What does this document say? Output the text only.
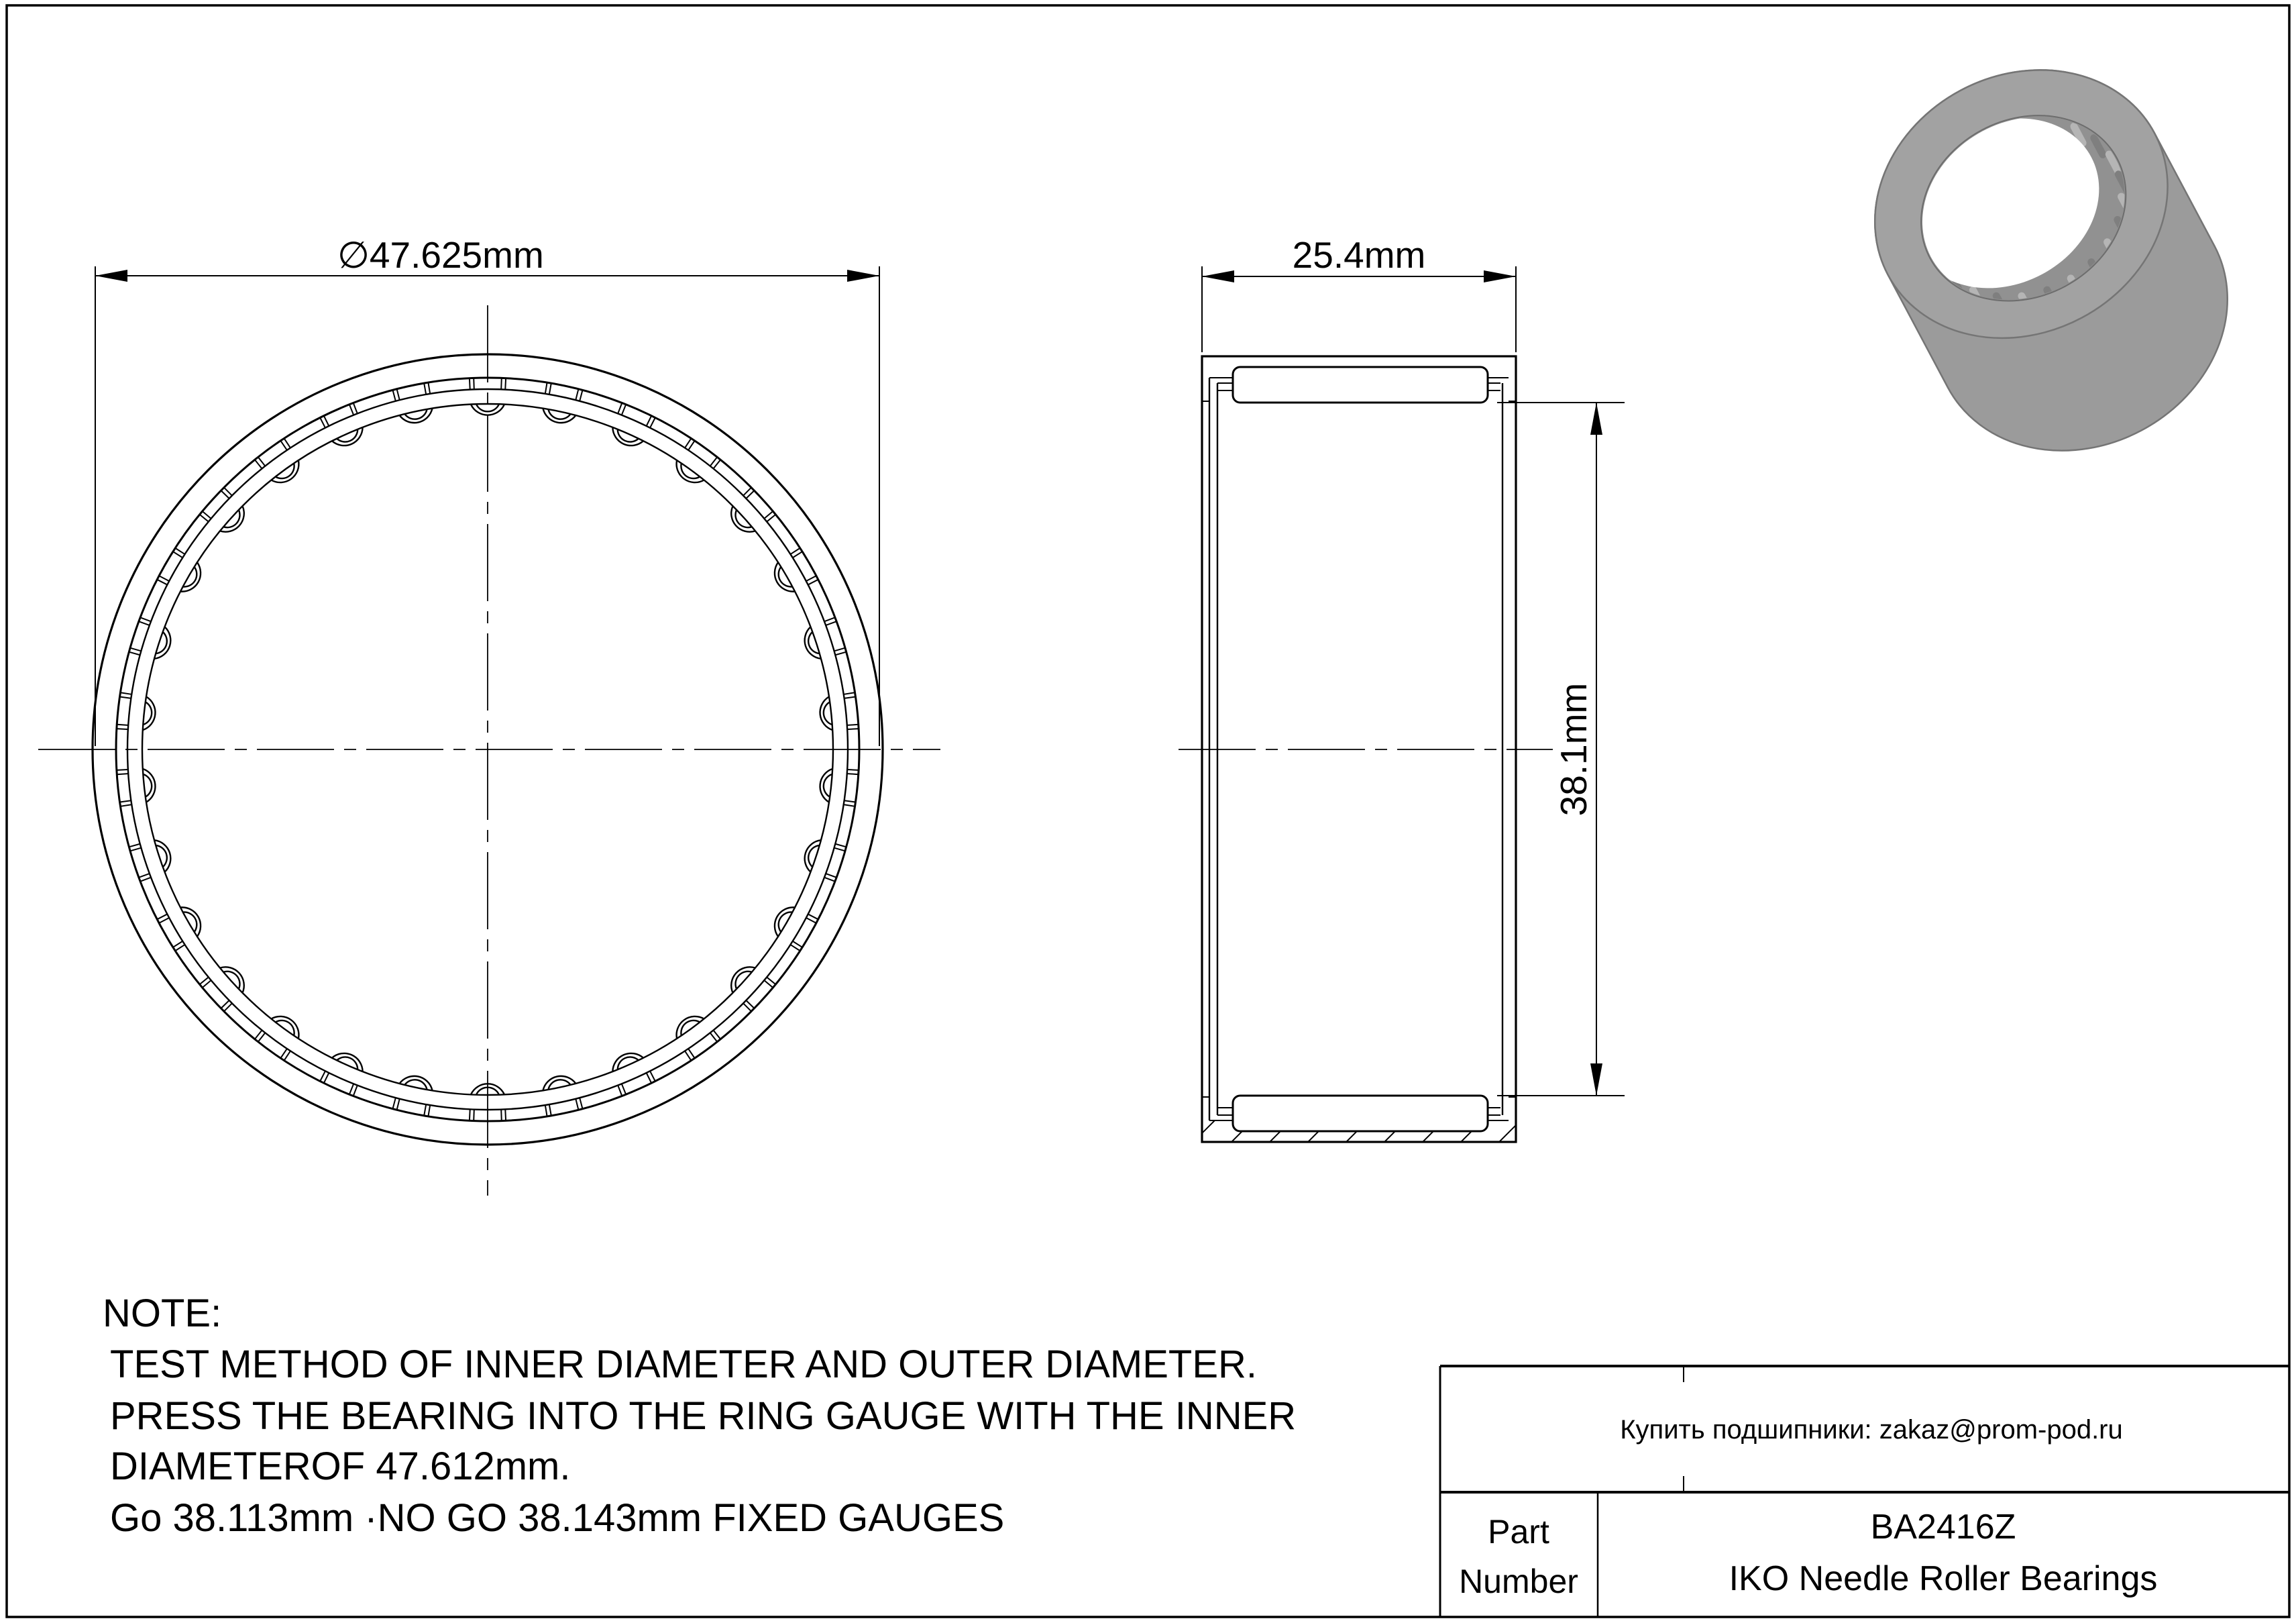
∅47.625mm	25.4mm
38.1mm
NOTE:
TEST METHOD OF INNER DIAMETER AND OUTER DIAMETER.
PRESS THE BEARING INTO THE RING GAUGE WITH THE INNER
DIAMETEROF 47.612mm.
Go 38.113mm ·NO GO 38.143mm FIXED GAUGES
Купить подшипники: zakaz@prom-pod.ru
Part
Number
BA2416Z
IKO Needle Roller Bearings
